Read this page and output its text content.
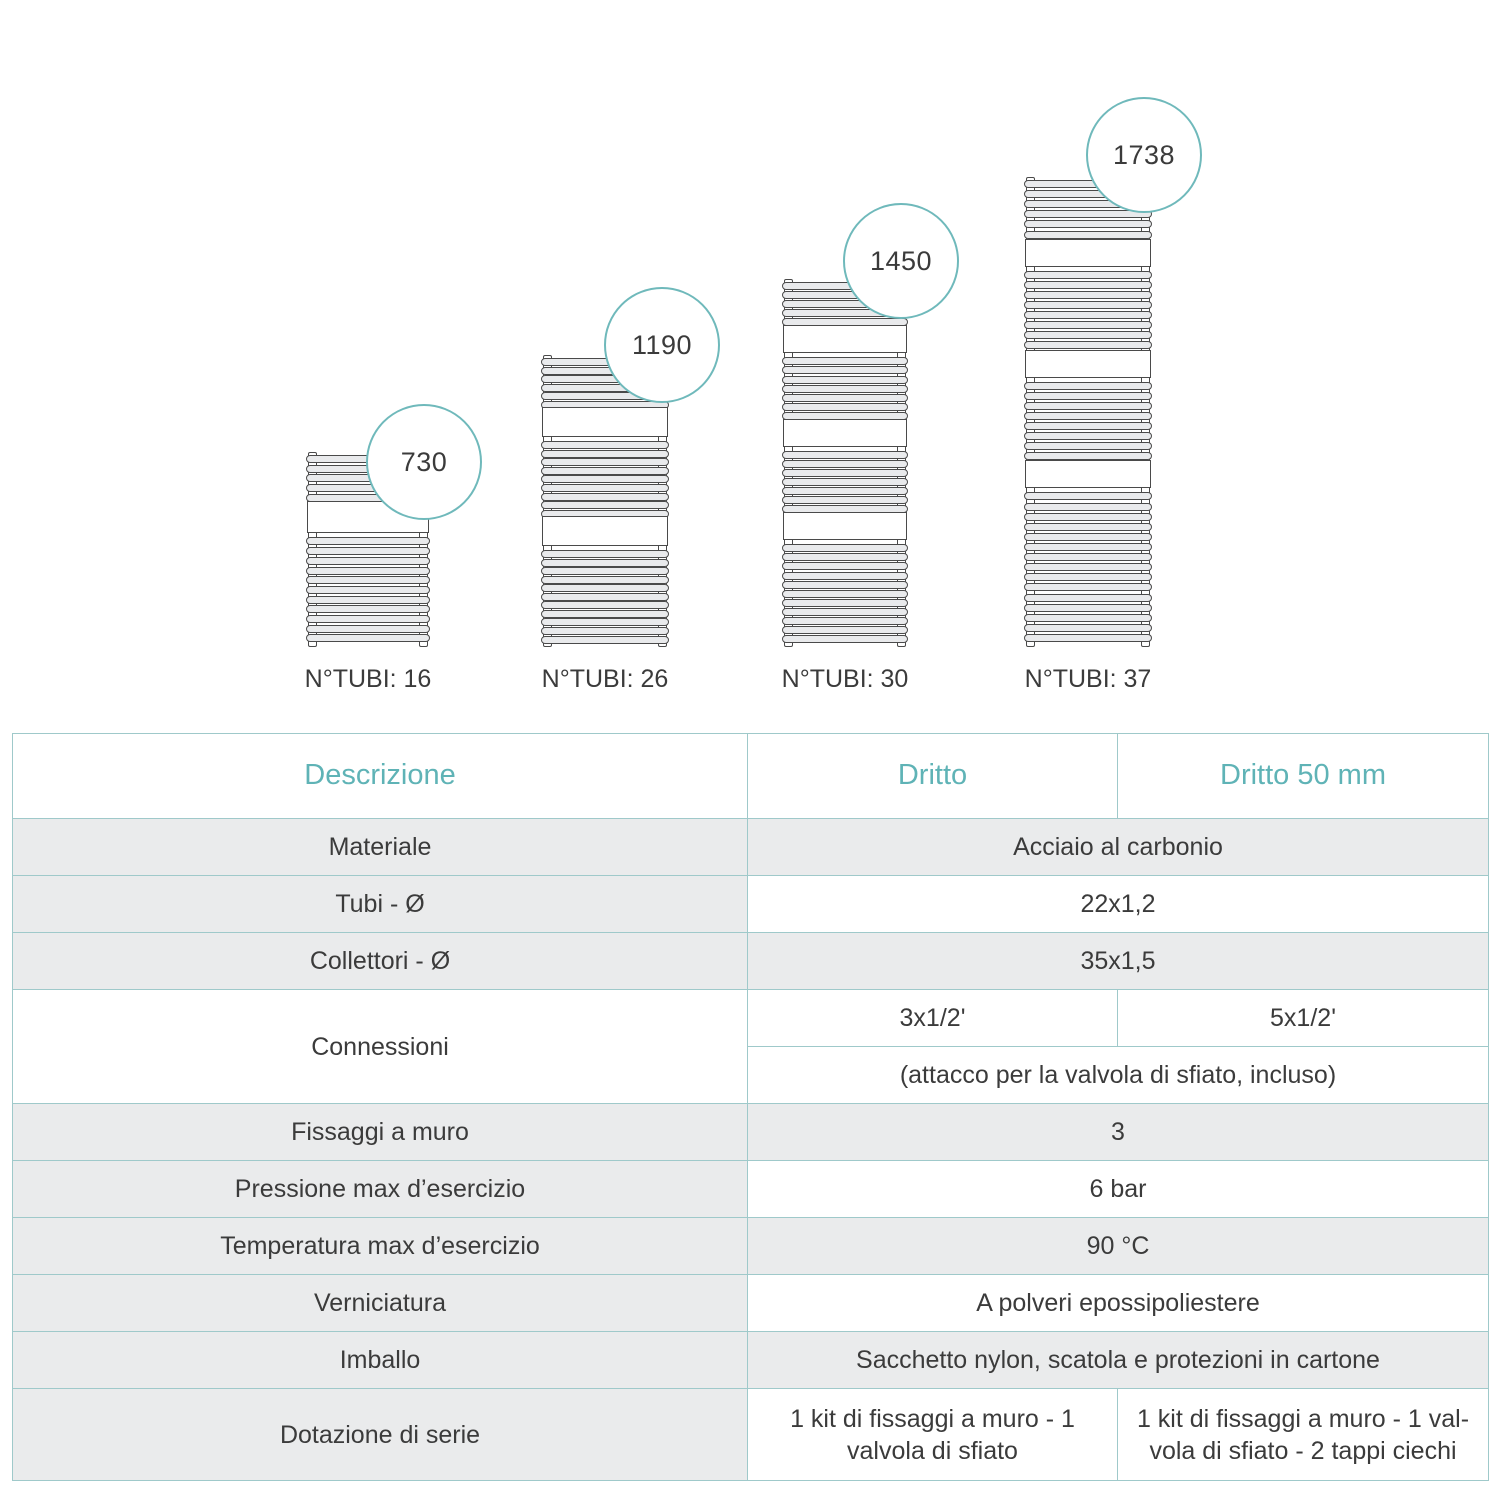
730
N°TUBI: 16
1190
N°TUBI: 26
1450
N°TUBI: 30
1738
N°TUBI: 37
Descrizione	Dritto	Dritto 50 mm

Materiale	Acciaio al carbonio	

Tubi - Ø	22x1,2	

Collettori - Ø	35x1,5	

Connessioni	3x1/2'	5x1/2'

	(attacco per la valvola di sfiato, incluso)	

Fissaggi a muro	3	

Pressione max d’esercizio	6 bar	

Temperatura max d’esercizio	90 °C	

Verniciatura	A polveri epossipoliestere	

Imballo	Sacchetto nylon, scatola e protezioni in cartone	

Dotazione di serie	1 kit di fissaggi a muro - 1 valvola di sfiato	1 kit di fissaggi a muro - 1 val-vola di sfiato - 2 tappi ciechi
